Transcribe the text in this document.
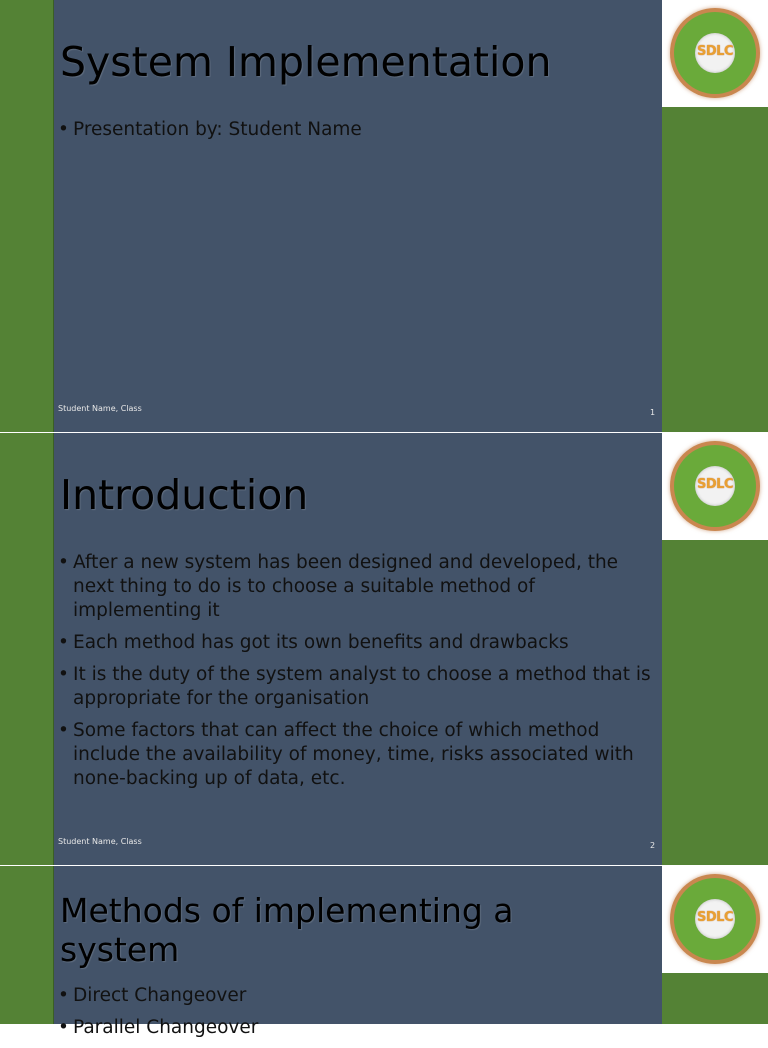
SDLC
System Implementation
• Presentation by: Student Name
Student Name, Class	1
SDLC
Introduction
• After a new system has been designed and developed, the next thing to do is to choose a suitable method of implementing it
• Each method has got its own benefits and drawbacks
• It is the duty of the system analyst to choose a method that is appropriate for the organisation
• Some factors that can affect the choice of which method include the availability of money, time, risks associated with none-backing up of data, etc.
Student Name, Class	2
SDLC
Methods of implementing a system
• Direct Changeover
• Parallel Changeover
